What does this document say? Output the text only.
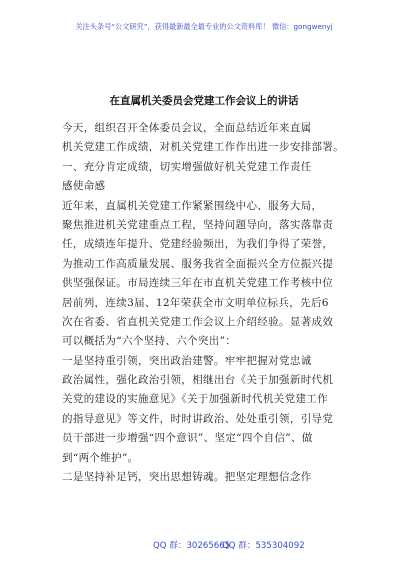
关注头条号“公文研究”，获得最新最全最专业的公文资料库！ 微信：gongwenyj
在直属机关委员会党建工作会议上的讲话
今天，组织召开全体委员会议，全面总结近年来直属
机关党建工作成绩，对机关党建工作作出进一步安排部署。
一、充分肯定成绩，切实增强做好机关党建工作责任
感使命感
近年来，直属机关党建工作紧紧围绕中心、服务大局，
聚焦推进机关党建重点工程，坚持问题导向，落实落靠责
任，成绩连年提升、党建经验频出，为我们争得了荣誉，
为推动工作高质量发展、服务我省全面振兴全方位振兴提
供坚强保证。市局连续三年在市直机关党建工作考核中位
居前列，连续3届、12年荣获全市文明单位标兵，先后6
次在省委、省直机关党建工作会议上介绍经验。显著成效
可以概括为“六个坚持、六个突出”：
一是坚持重引领，突出政治建警。牢牢把握对党忠诚
政治属性，强化政治引领，相继出台《关于加强新时代机
关党的建设的实施意见》《关于加强新时代机关党建工作
的指导意见》等文件，时时讲政治、处处重引领，引导党
员干部进一步增强“四个意识”、坚定“四个自信”、做
到“两个维护”。
二是坚持补足钙，突出思想铸魂。把坚定理想信念作
QQ 群：30265665
QQ 群：535304092
